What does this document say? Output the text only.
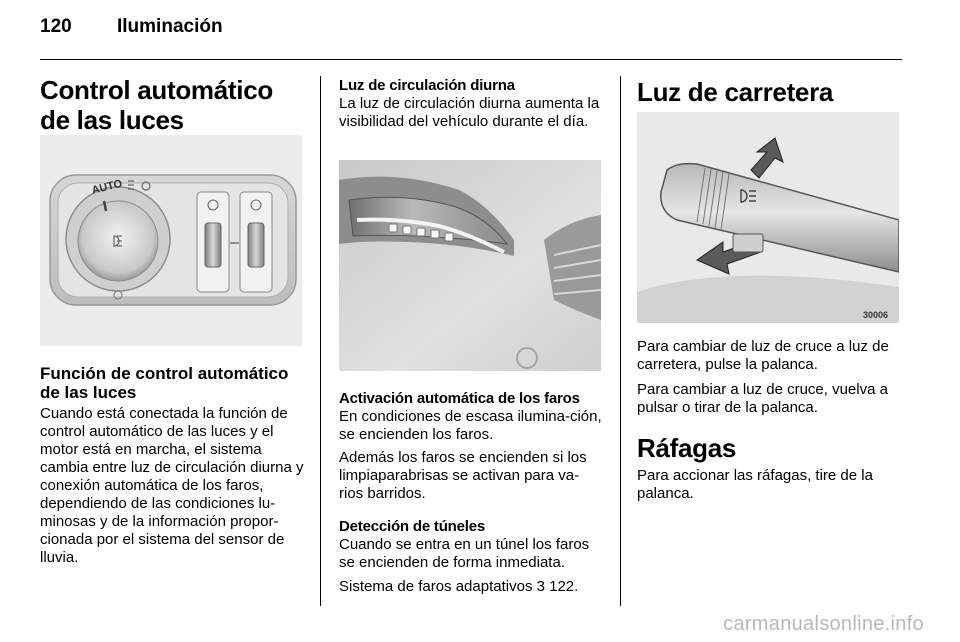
120 Iluminación
Control automático de las luces
AUTO
Función de control automático de las luces

Cuando está conectada la función de control automático de las luces y el motor está en marcha, el sistema cambia entre luz de circulación diurna y conexión automática de los faros, dependiendo de las condiciones lu-minosas y de la información propor-cionada por el sistema del sensor de lluvia.

Luz de circulación diurna

La luz de circulación diurna aumenta la visibilidad del vehículo durante el día.

Activación automática de los faros

En condiciones de escasa ilumina-ción, se encienden los faros.

Además los faros se encienden si los limpiaparabrisas se activan para va-rios barridos.

Detección de túneles

Cuando se entra en un túnel los faros se encienden de forma inmediata.

Sistema de faros adaptativos 3 122.

Luz de carretera
30006

Para cambiar de luz de cruce a luz de carretera, pulse la palanca.

Para cambiar a luz de cruce, vuelva a pulsar o tirar de la palanca.

Ráfagas

Para accionar las ráfagas, tire de la palanca.

carmanualsonline.info
